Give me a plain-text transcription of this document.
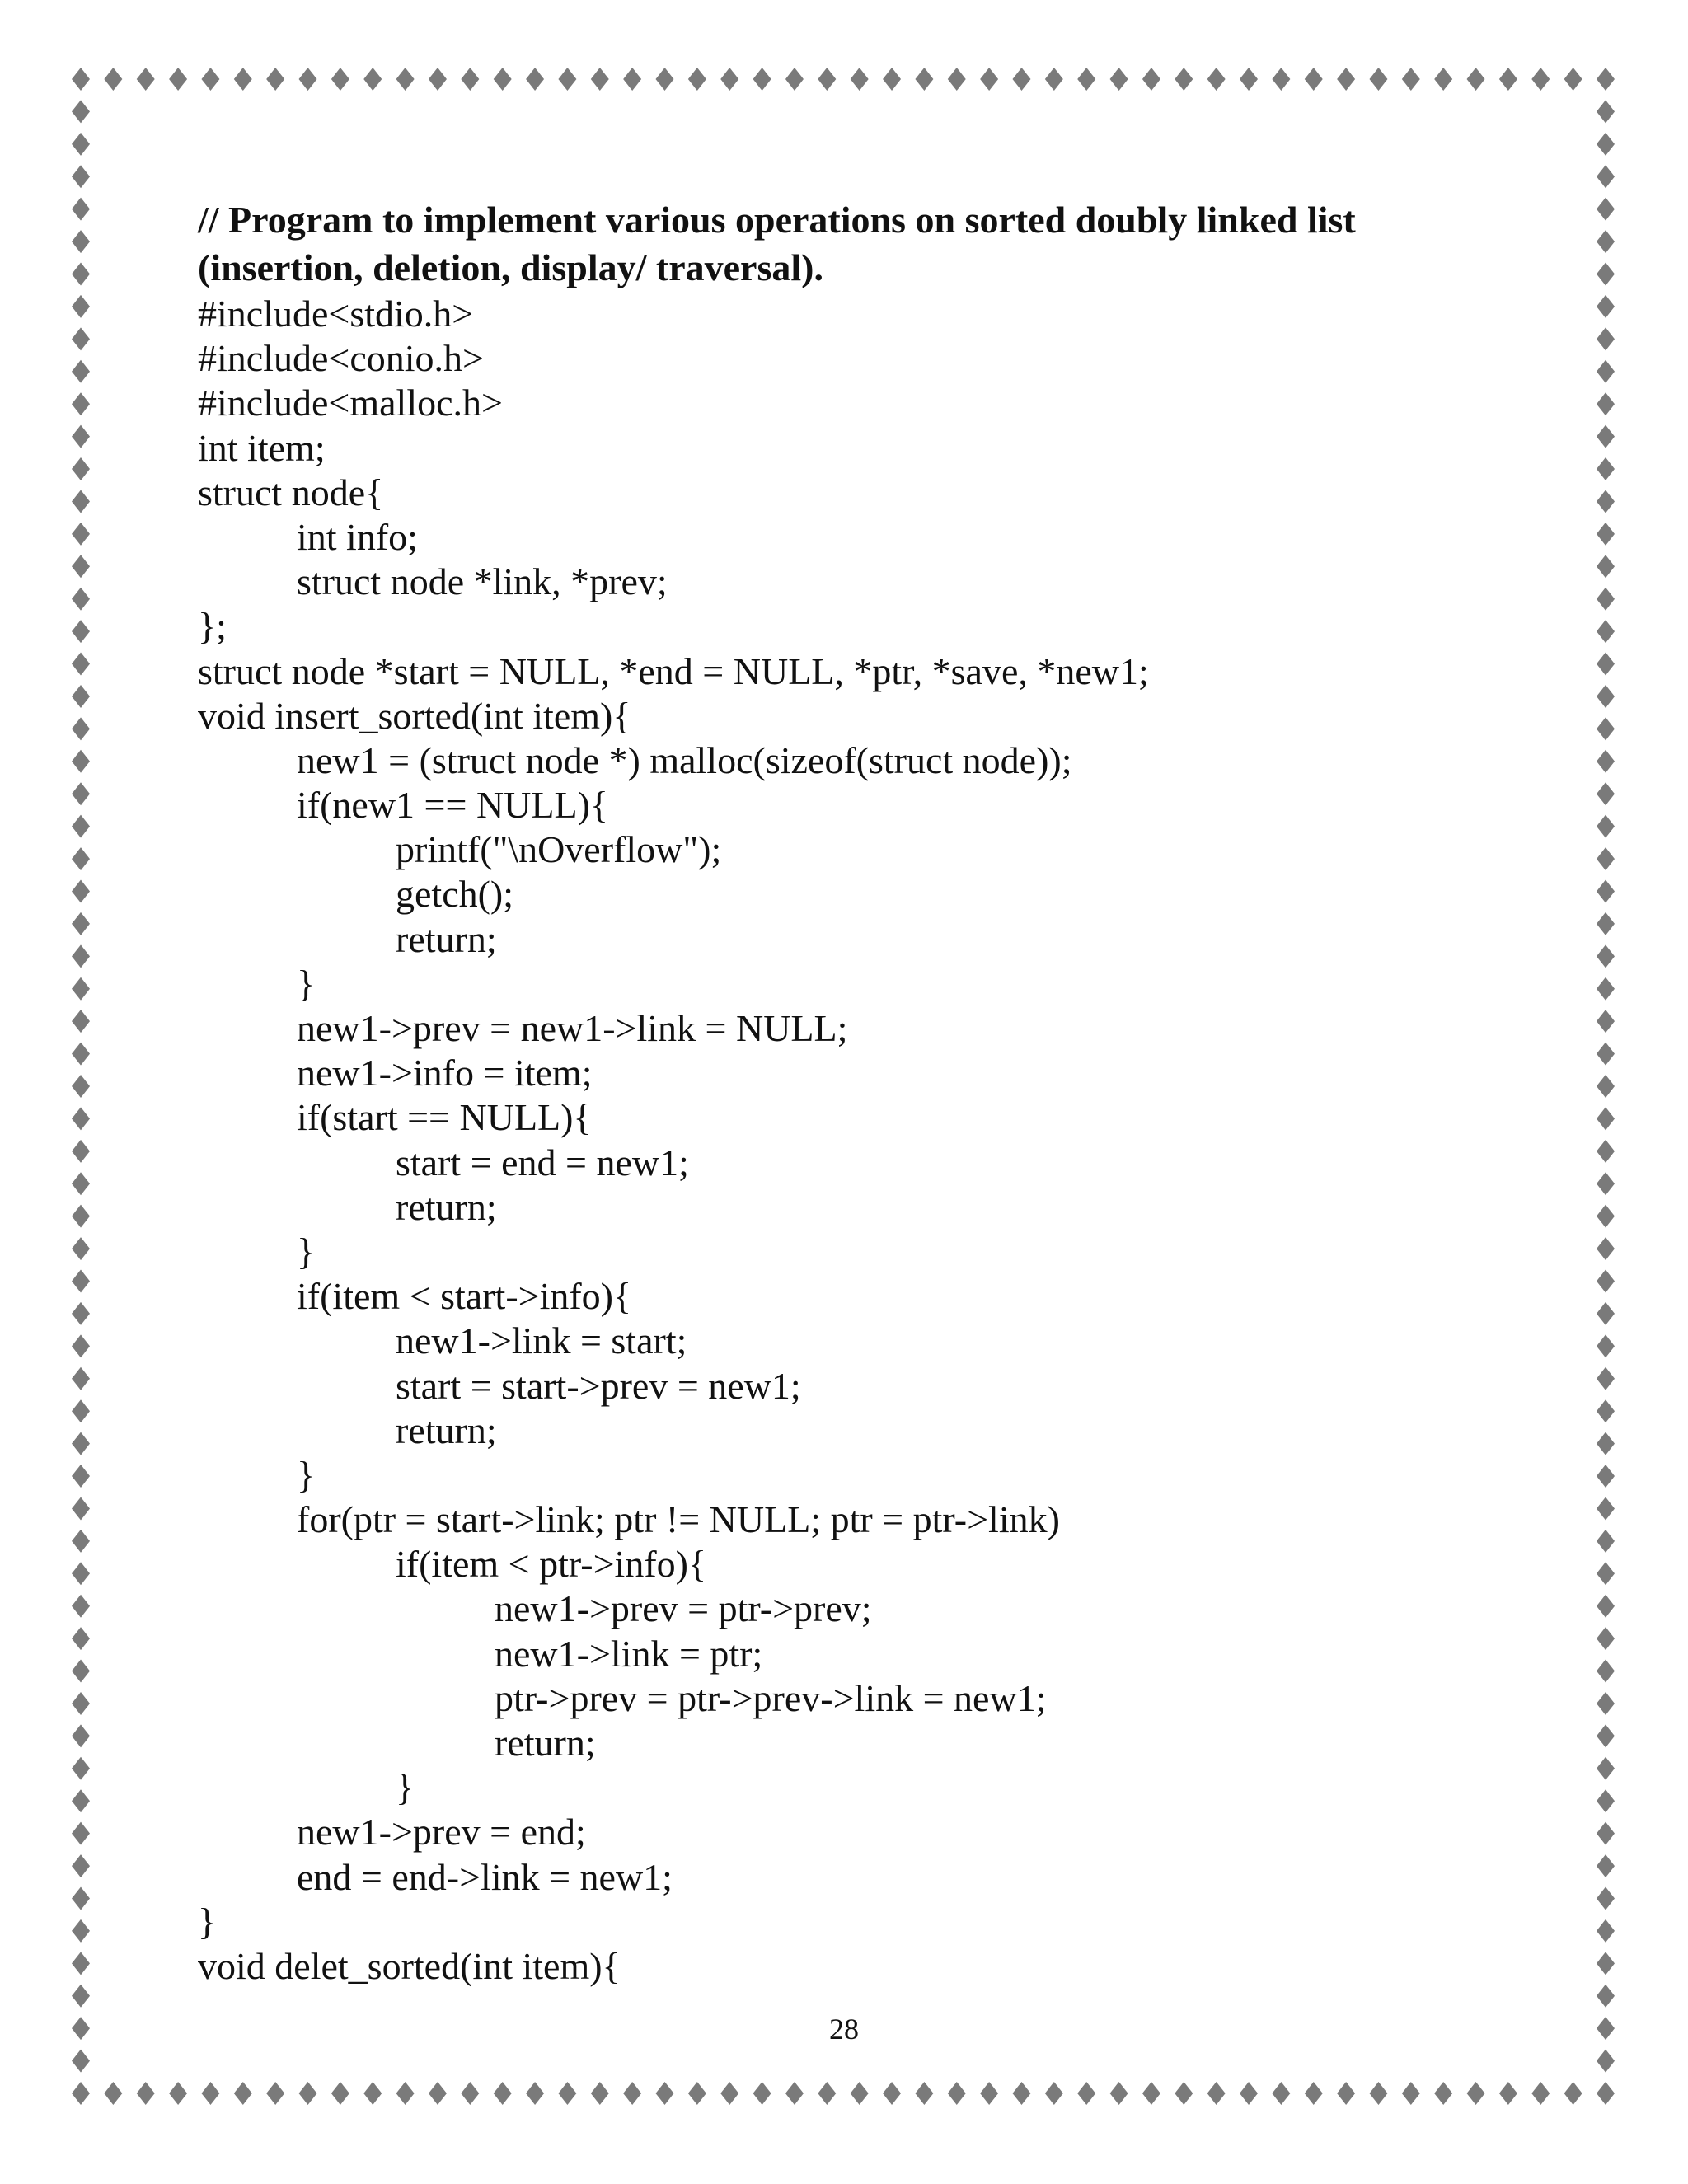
// Program to implement various operations on sorted doubly linked list

(insertion, deletion, display/ traversal).

#include<stdio.h>
#include<conio.h>
#include<malloc.h>
int item;
struct node{
int info;
struct node *link, *prev;
};
struct node *start = NULL, *end = NULL, *ptr, *save, *new1;
void insert_sorted(int item){
new1 = (struct node *) malloc(sizeof(struct node));
if(new1 == NULL){
printf("\nOverflow");
getch();
return;
}
new1->prev = new1->link = NULL;
new1->info = item;
if(start == NULL){
start = end = new1;
return;
}
if(item < start->info){
new1->link = start;
start = start->prev = new1;
return;
}
for(ptr = start->link; ptr != NULL; ptr = ptr->link)
if(item < ptr->info){
new1->prev = ptr->prev;
new1->link = ptr;
ptr->prev = ptr->prev->link = new1;
return;
}
new1->prev = end;
end = end->link = new1;
}
void delet_sorted(int item){
28
